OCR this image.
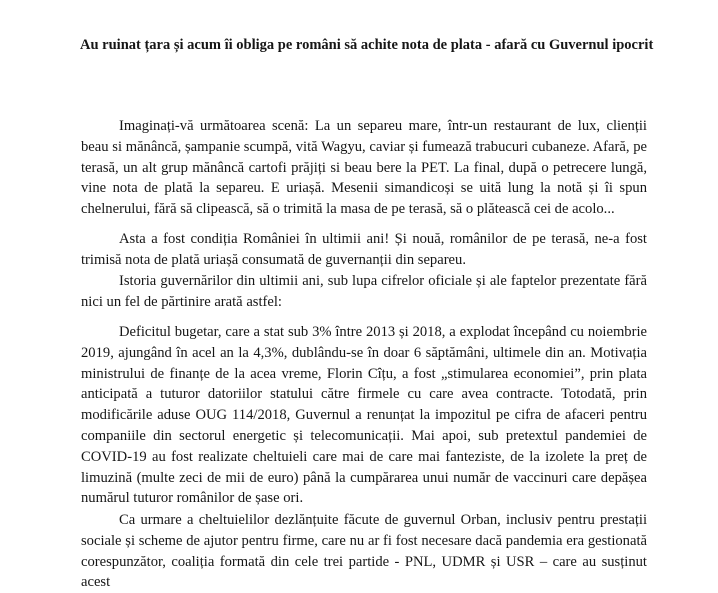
Au ruinat țara și acum îi obliga pe români să achite nota de plata - afară cu Guvernul ipocrit

Imaginați-vă următoarea scenă: La un separeu mare, într-un restaurant de lux, clienții beau si mănâncă, șampanie scumpă, vită Wagyu, caviar și fumează trabucuri cubaneze. Afară, pe terasă, un alt grup mănâncă cartofi prăjiți si beau bere la PET. La final, după o petrecere lungă, vine nota de plată la separeu. E uriașă. Mesenii simandicoși se uită lung la notă și îi spun chelnerului, fără să clipească, să o trimită la masa de pe terasă, să o plătească cei de acolo...

Asta a fost condiția României în ultimii ani! Și nouă, românilor de pe terasă, ne-a fost trimisă nota de plată uriașă consumată de guvernanții din separeu.

Istoria guvernărilor din ultimii ani, sub lupa cifrelor oficiale și ale faptelor prezentate fără nici un fel de părtinire arată astfel:

Deficitul bugetar, care a stat sub 3% între 2013 și 2018, a explodat începând cu noiembrie 2019, ajungând în acel an la 4,3%, dublându-se în doar 6 săptămâni, ultimele din an. Motivația ministrului de finanțe de la acea vreme, Florin Cîțu, a fost „stimularea economiei”, prin plata anticipată a tuturor datoriilor statului către firmele cu care avea contracte. Totodată, prin modificările aduse OUG 114/2018, Guvernul a renunțat la impozitul pe cifra de afaceri pentru companiile din sectorul energetic și telecomunicații. Mai apoi, sub pretextul pandemiei de COVID-19 au fost realizate cheltuieli care mai de care mai fanteziste, de la izolete la preț de limuzină (multe zeci de mii de euro) până la cumpărarea unui număr de vaccinuri care depășea numărul tuturor românilor de șase ori.

Ca urmare a cheltuielilor dezlănțuite făcute de guvernul Orban, inclusiv pentru prestații sociale și scheme de ajutor pentru firme, care nu ar fi fost necesare dacă pandemia era gestionată corespunzător, coaliția formată din cele trei partide - PNL, UDMR și USR – care au susținut acest
